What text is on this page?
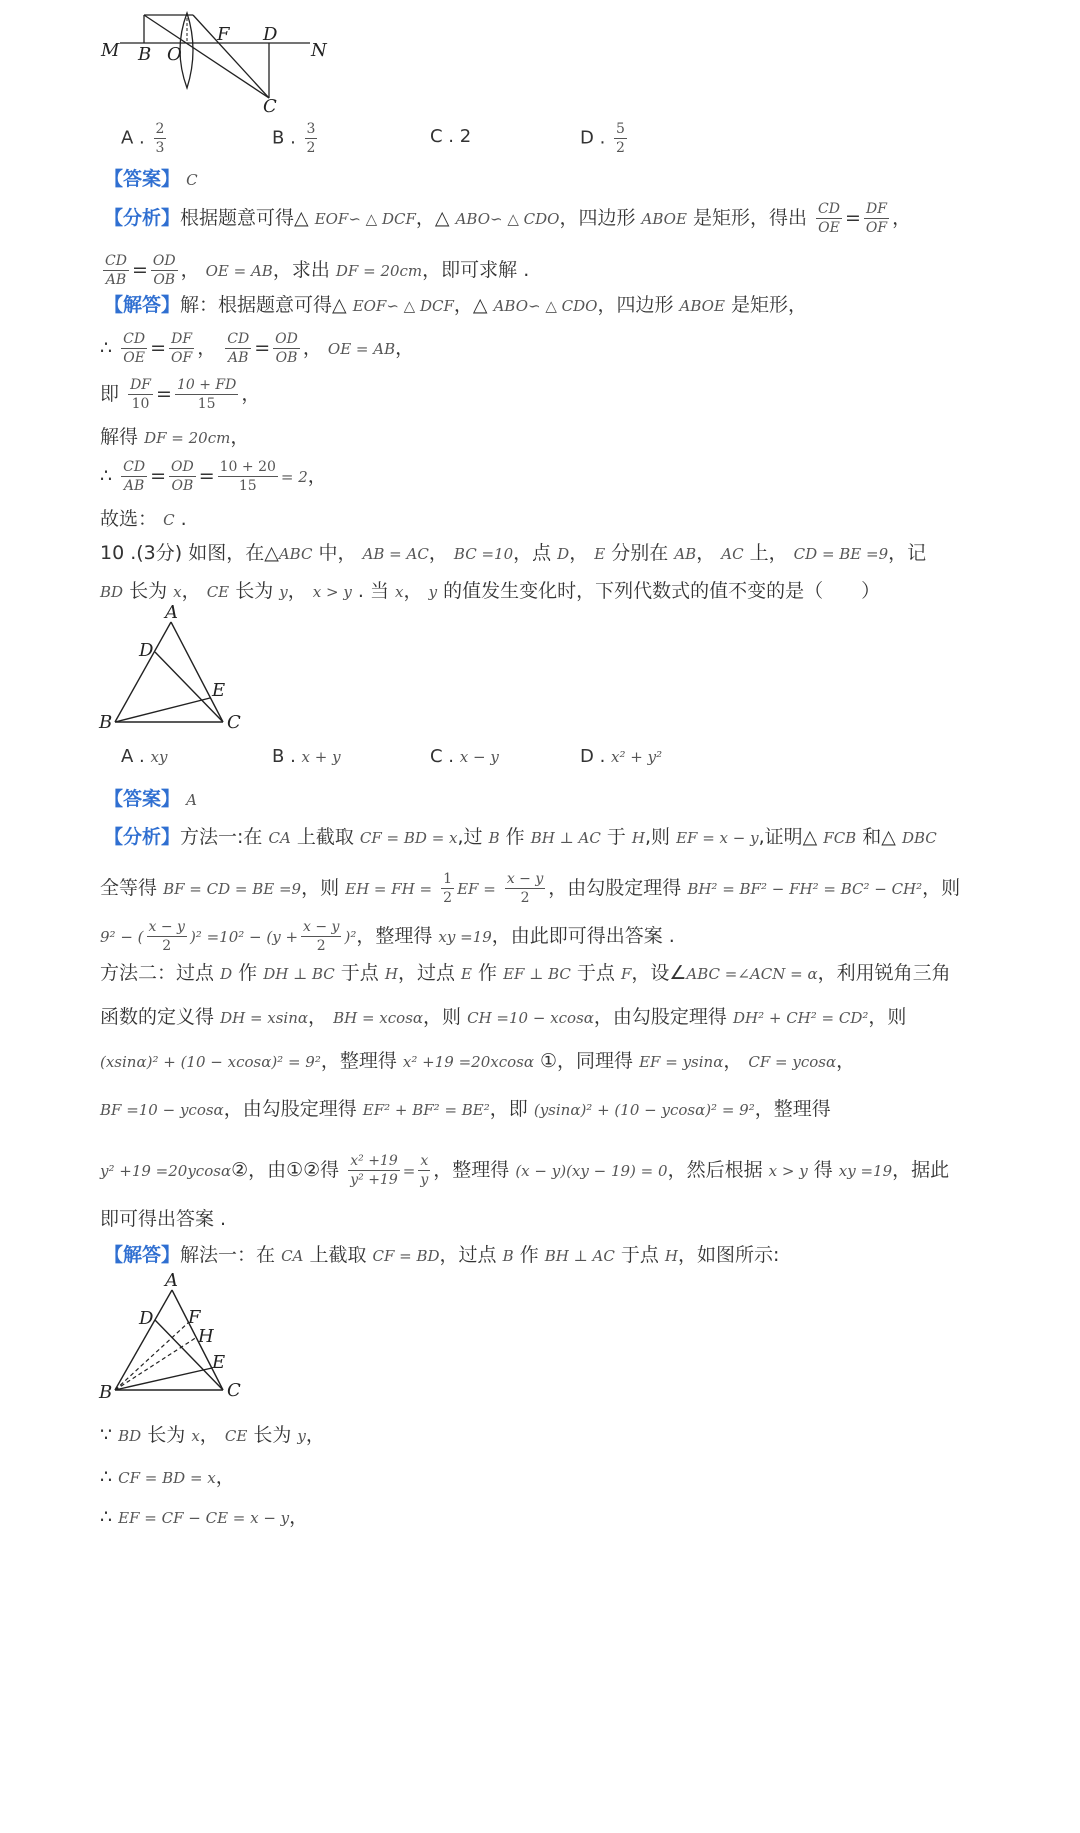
M B O
F D
N
C
A . $\frac{2}{3}$	B . $\frac{3}{2}$	C . 2	D . $\frac{5}{2}$
【答案】 C
【分析】根据题意可得△ EOF∽ △ DCF，△ ABO∽ △ CDO，四边形 ABOE 是矩形，得出 $\frac{CD}{OE} = \frac{DF}{OF}$ ，
$\frac{CD}{AB} = \frac{OD}{OB}$ ， OE = AB，求出 DF = 20cm，即可求解 .
【解答】解：根据题意可得△ EOF∽ △ DCF，△ ABO∽ △ CDO，四边形 ABOE 是矩形，
∴ $\frac{CD}{OE} = \frac{DF}{OF}$ ， $\frac{CD}{AB} = \frac{OD}{OB}$ ， OE = AB，
即 $\frac{DF}{10} = \frac{10 + FD}{15}$ ，
解得 DF = 20cm，
∴ $\frac{CD}{AB} = \frac{OD}{OB} = \frac{10 + 20}{15} = 2$，
故选： C .
10 .(3分) 如图，在△ABC 中， AB = AC， BC =10，点 D， E 分别在 AB， AC 上， CD = BE =9，记
BD 长为 x， CE 长为 y， x > y . 当 x， y 的值发生变化时，下列代数式的值不变的是（　　）
A
D
E
B	C
A . xy	B . x + y	C . x − y	D . x² + y²
【答案】 A
【分析】方法一:在 CA 上截取 CF = BD = x,过 B 作 BH ⊥ AC 于 H,则 EF = x − y,证明△ FCB 和△ DBC
全等得 BF = CD = BE =9，则 EH = FH = $\frac{1}{2}$ EF = $\frac{x - y}{2}$ ，由勾股定理得 BH² = BF² − FH² = BC² − CH²，则
9² − ( $\frac{x - y}{2} )^2 =10^2 - (y + \frac{x - y}{2} )^2$，整理得 xy =19，由此即可得出答案 .
方法二：过点 D 作 DH ⊥ BC 于点 H，过点 E 作 EF ⊥ BC 于点 F，设∠ABC =∠ACN = α，利用锐角三角
函数的定义得 DH = xsinα， BH = xcosα，则 CH =10 − xcosα，由勾股定理得 DH² + CH² = CD²，则
(xsinα)² + (10 − xcosα)² = 9²，整理得 x² +19 =20xcosα ①，同理得 EF = ysinα， CF = ycosα，
BF =10 − ycosα，由勾股定理得 EF² + BF² = BE²，即 (ysinα)² + (10 − ycosα)² = 9²，整理得
y² +19 =20ycosα②，由①②得 $\frac{\text{x² +19}}{\text{y² +19}} = \frac{x}{y}$ ，整理得 (x − y)(xy − 19) = 0，然后根据 x > y 得 xy =19，据此
即可得出答案 .
【解答】解法一：在 CA 上截取 CF = BD，过点 B 作 BH ⊥ AC 于点 H，如图所示:
A
D F
H
E
B	C
∵ BD 长为 x， CE 长为 y，
∴ CF = BD = x，
∴ EF = CF − CE = x − y，
